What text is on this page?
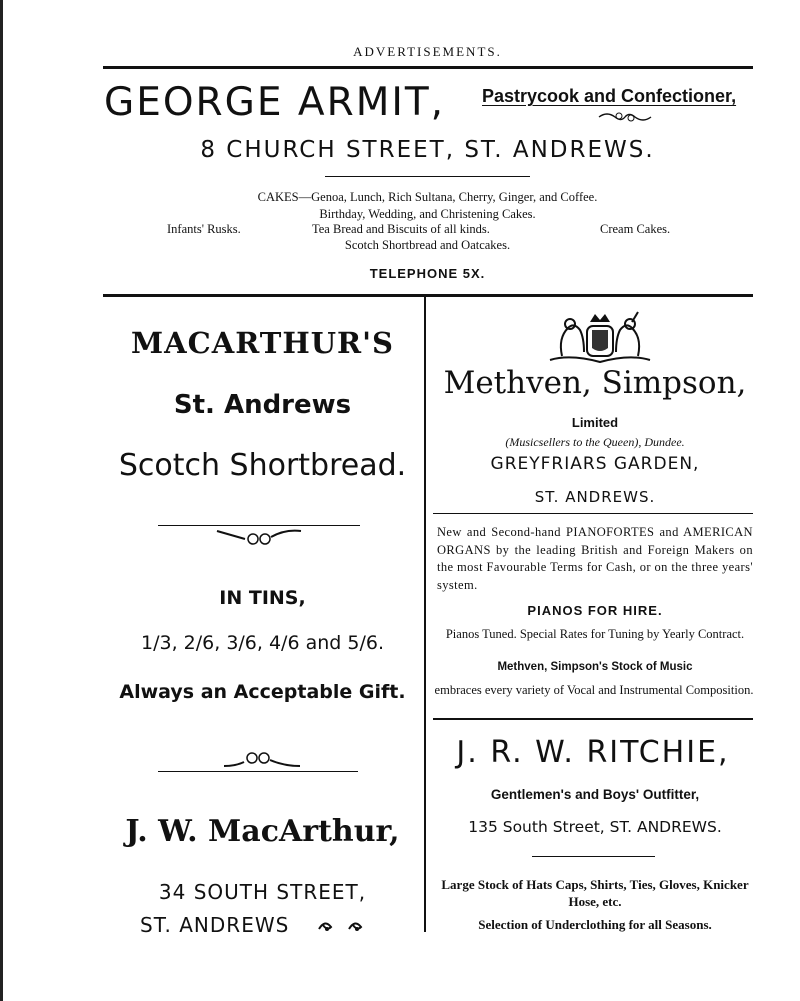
ADVERTISEMENTS.
GEORGE ARMIT, Pastrycook and Confectioner,
8 CHURCH STREET, ST. ANDREWS.
CAKES—Genoa, Lunch, Rich Sultana, Cherry, Ginger, and Coffee.
Birthday, Wedding, and Christening Cakes.
Infants' Rusks.	Tea Bread and Biscuits of all kinds.	Cream Cakes.
Scotch Shortbread and Oatcakes.
TELEPHONE 5X.
MACARTHUR'S
St. Andrews
Scotch Shortbread.
IN TINS,
1/3, 2/6, 3/6, 4/6 and 5/6.
Always an Acceptable Gift.
J. W. MacArthur,
34 SOUTH STREET,
ST. ANDREWS
Methven, Simpson,
Limited
(Musicsellers to the Queen), Dundee.
GREYFRIARS GARDEN,
ST. ANDREWS.
New and Second-hand PIANOFORTES and AMERICAN ORGANS by the leading British and Foreign Makers on the most Favourable Terms for Cash, or on the three years' system.
PIANOS FOR HIRE.
Pianos Tuned. Special Rates for Tuning by Yearly Contract.
Methven, Simpson's Stock of Music
embraces every variety of Vocal and Instrumental Composition.
J. R. W. RITCHIE,
Gentlemen's and Boys' Outfitter,
135 South Street, ST. ANDREWS.
Large Stock of Hats Caps, Shirts, Ties, Gloves, Knicker Hose, etc.
Selection of Underclothing for all Seasons.
